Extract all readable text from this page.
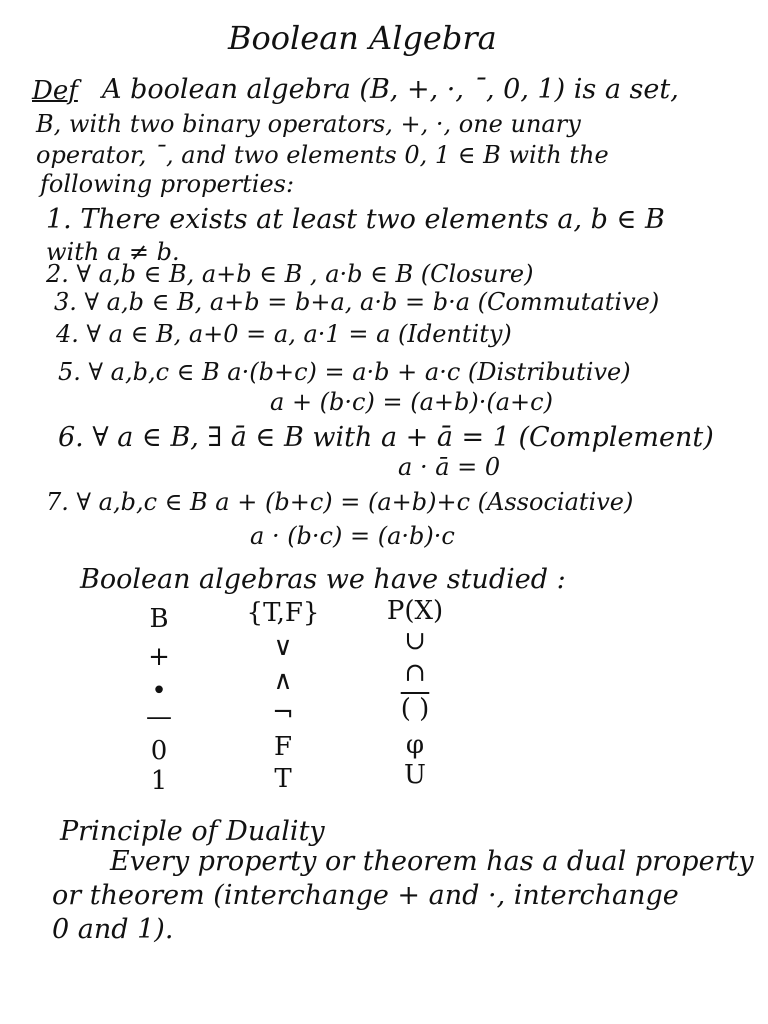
Boolean Algebra
Def A boolean algebra (B, +, ·, ¯, 0, 1) is a set,
B, with two binary operators, +, ·, one unary
operator, ¯, and two elements 0, 1 ∈ B with the
following properties:
1. There exists at least two elements a, b ∈ B
with a ≠ b.
2. ∀ a,b ∈ B, a+b ∈ B , a·b ∈ B (Closure)
3. ∀ a,b ∈ B, a+b = b+a, a·b = b·a (Commutative)
4. ∀ a ∈ B, a+0 = a, a·1 = a (Identity)
5. ∀ a,b,c ∈ B a·(b+c) = a·b + a·c (Distributive)
a + (b·c) = (a+b)·(a+c)
6. ∀ a ∈ B, ∃ ā ∈ B with a + ā = 1 (Complement)
a · ā = 0
7. ∀ a,b,c ∈ B a + (b+c) = (a+b)+c (Associative)
a · (b·c) = (a·b)·c
Boolean algebras we have studied :
B
+
•
—
0
1
{T,F}
∨
∧
¬
F
T
P(X)
∪
∩
( )
φ
U
Principle of Duality
Every property or theorem has a dual property
or theorem (interchange + and ·, interchange
0 and 1).
